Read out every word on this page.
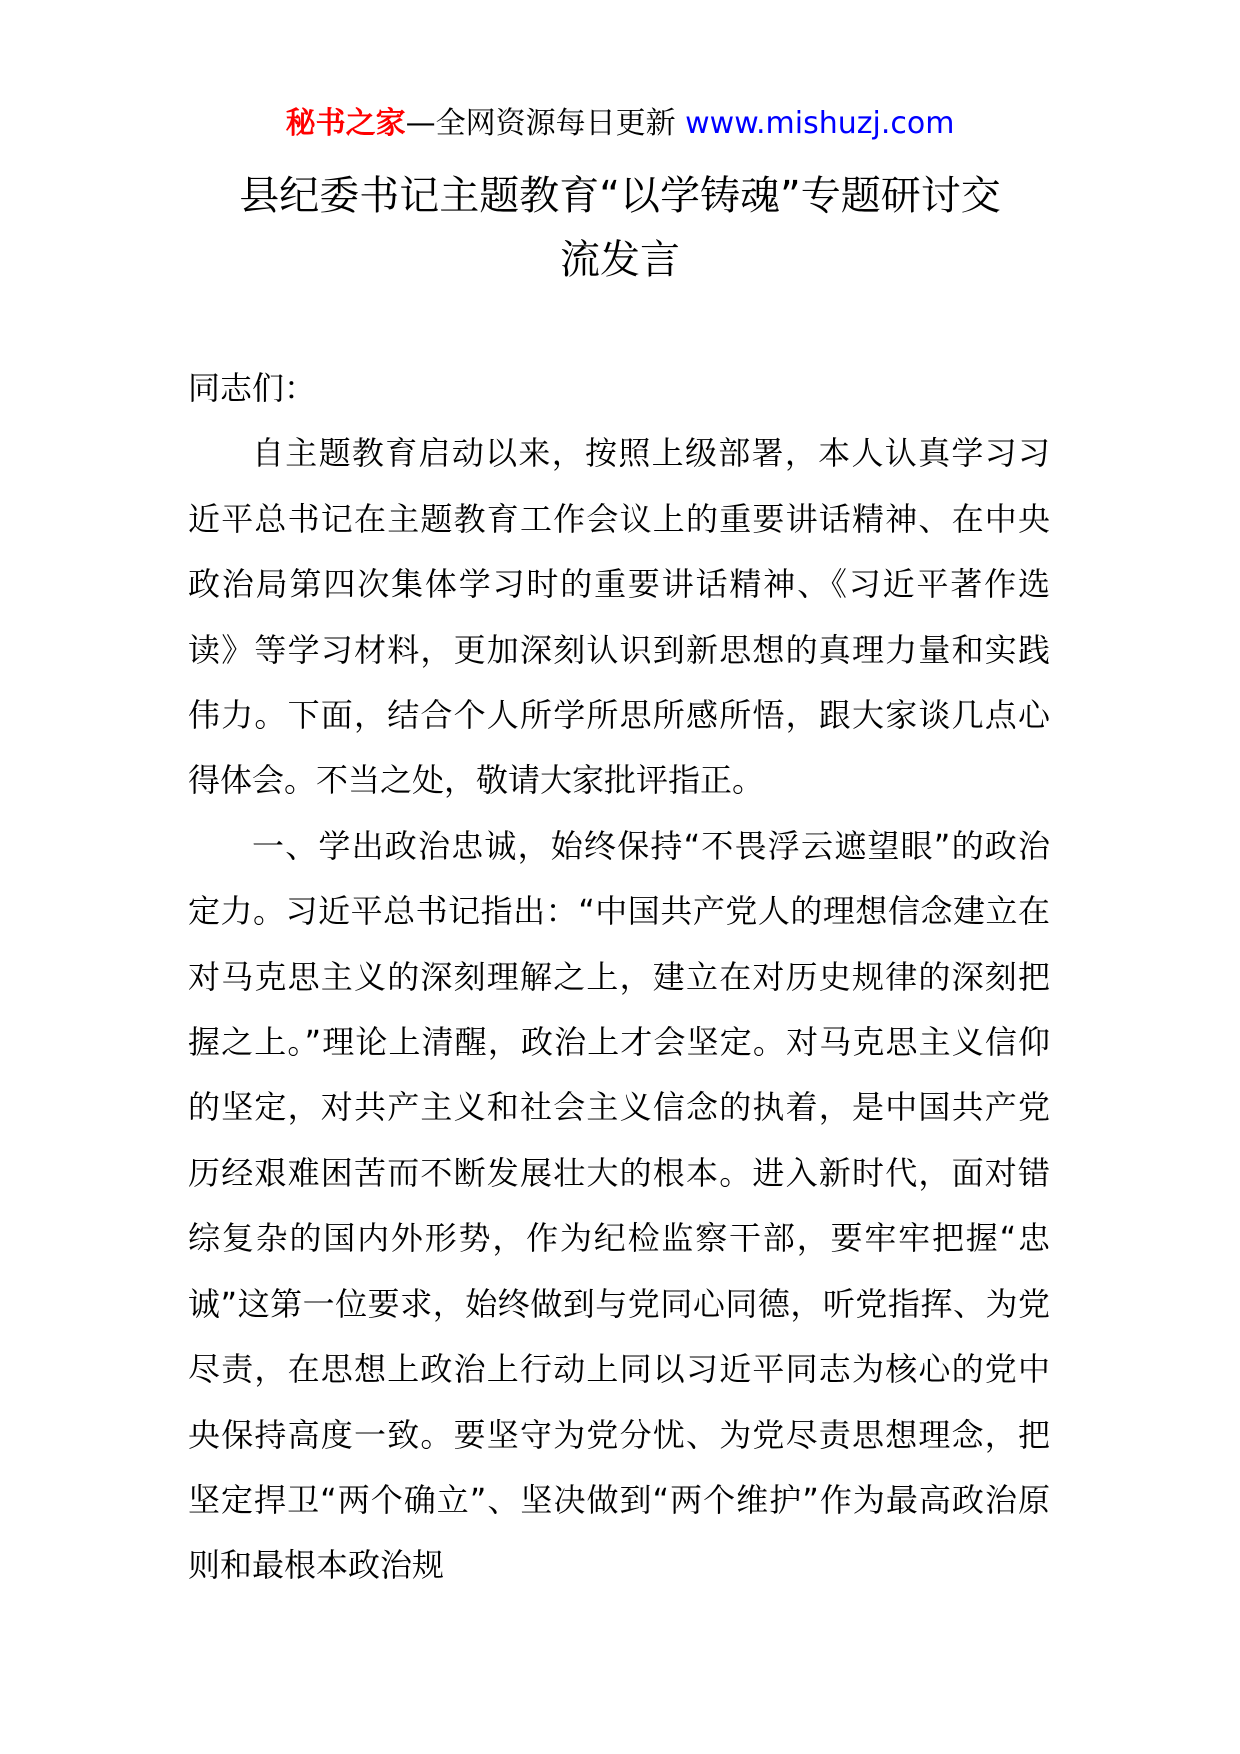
秘书之家—全网资源每日更新 www.mishuzj.com
县纪委书记主题教育“以学铸魂”专题研讨交
流发言

同志们：

自主题教育启动以来，按照上级部署，本人认真学习习近平总书记在主题教育工作会议上的重要讲话精神、在中央政治局第四次集体学习时的重要讲话精神、《习近平著作选读》等学习材料，更加深刻认识到新思想的真理力量和实践伟力。下面，结合个人所学所思所感所悟，跟大家谈几点心得体会。不当之处，敬请大家批评指正。

一、学出政治忠诚，始终保持“不畏浮云遮望眼”的政治定力。习近平总书记指出：“中国共产党人的理想信念建立在对马克思主义的深刻理解之上，建立在对历史规律的深刻把握之上。”理论上清醒，政治上才会坚定。对马克思主义信仰的坚定，对共产主义和社会主义信念的执着，是中国共产党历经艰难困苦而不断发展壮大的根本。进入新时代，面对错综复杂的国内外形势，作为纪检监察干部，要牢牢把握“忠诚”这第一位要求，始终做到与党同心同德，听党指挥、为党尽责，在思想上政治上行动上同以习近平同志为核心的党中央保持高度一致。要坚守为党分忧、为党尽责思想理念，把坚定捍卫“两个确立”、坚决做到“两个维护”作为最高政治原则和最根本政治规
